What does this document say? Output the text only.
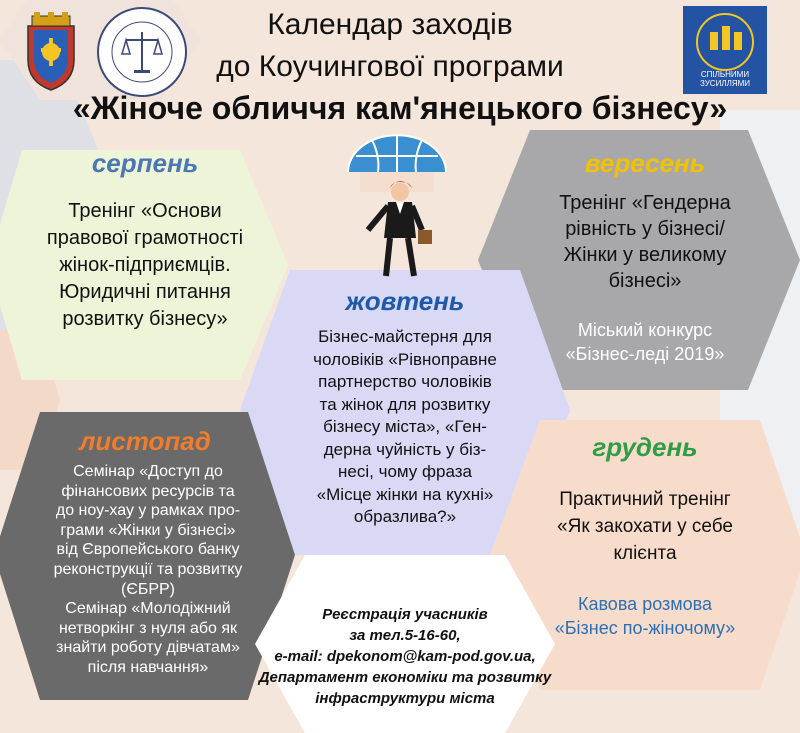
СПІЛЬНИМИ
ЗУСИЛЛЯМИ
Календар заходів
до Коучингової програми
«Жіноче обличчя кам'янецького бізнесу»
серпень
Тренінг «Основи
правової грамотності
жінок-підприємців.
Юридичні питання
розвитку бізнесу»
вересень
Тренінг «Гендерна
рівність у бізнесі/
Жінки у великому
бізнесі»
Міський конкурс
«Бізнес-леді 2019»
жовтень
Бізнес-майстерня для
чоловіків «Рівноправне
партнерство чоловіків
та жінок для розвитку
бізнесу міста», «Ген-
дерна чуйність у біз-
несі, чому фраза
«Місце жінки на кухні»
образлива?»
листопад
Семінар «Доступ до
фінансових ресурсів та
до ноу-хау у рамках про-
грами «Жінки у бізнесі»
від Європейського банку
реконструкції та розвитку
(ЄБРР)
Семінар «Молодіжний
нетворкінг з нуля або як
знайти роботу дівчатам»
після навчання»
грудень
Практичний тренінг
«Як закохати у себе
клієнта
Кавова розмова
«Бізнес по-жіночому»
Реєстрація учасників
за тел.5-16-60,
e-mail: dpekonom@kam-pod.gov.ua,
Департамент економіки та розвитку
інфраструктури міста
